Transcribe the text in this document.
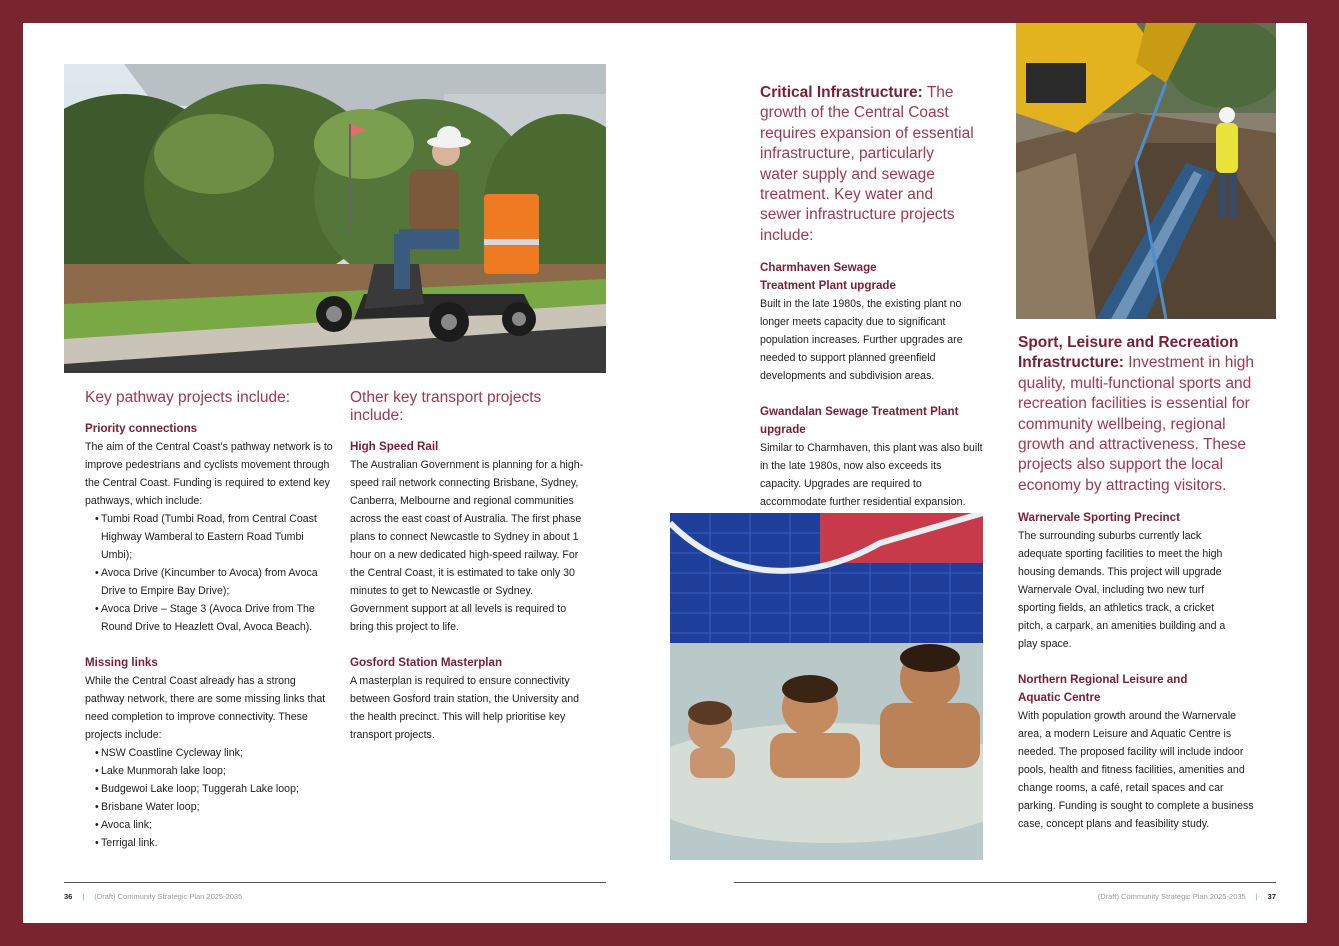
Key pathway projects include:

Priority connections

The aim of the Central Coast’s pathway network is to improve pedestrians and cyclists movement through the Central Coast. Funding is required to extend key pathways, which include:

• Tumbi Road (Tumbi Road, from Central Coast Highway Wamberal to Eastern Road Tumbi Umbi);
• Avoca Drive (Kincumber to Avoca) from Avoca Drive to Empire Bay Drive);
• Avoca Drive – Stage 3 (Avoca Drive from The Round Drive to Heazlett Oval, Avoca Beach).
Missing links

While the Central Coast already has a strong pathway network, there are some missing links that need completion to improve connectivity. These projects include:

• NSW Coastline Cycleway link;
• Lake Munmorah lake loop;
• Budgewoi Lake loop; Tuggerah Lake loop;
• Brisbane Water loop;
• Avoca link;
• Terrigal link.

Other key transport projects include:

High Speed Rail

The Australian Government is planning for a high-speed rail network connecting Brisbane, Sydney, Canberra, Melbourne and regional communities across the east coast of Australia. The first phase plans to connect Newcastle to Sydney in about 1 hour on a new dedicated high-speed railway. For the Central Coast, it is estimated to take only 30 minutes to get to Newcastle or Sydney. Government support at all levels is required to bring this project to life.

Gosford Station Masterplan

A masterplan is required to ensure connectivity between Gosford train station, the University and the health precinct. This will help prioritise key transport projects.

36 | (Draft) Community Strategic Plan 2025-2035

Critical Infrastructure: The growth of the Central Coast requires expansion of essential infrastructure, particularly water supply and sewage treatment. Key water and sewer infrastructure projects include:

Charmhaven Sewage Treatment Plant upgrade

Built in the late 1980s, the existing plant no longer meets capacity due to significant population increases. Further upgrades are needed to support planned greenfield developments and subdivision areas.

Gwandalan Sewage Treatment Plant upgrade

Similar to Charmhaven, this plant was also built in the late 1980s, now also exceeds its capacity. Upgrades are required to accommodate further residential expansion.

Sport, Leisure and Recreation Infrastructure: Investment in high quality, multi-functional sports and recreation facilities is essential for community wellbeing, regional growth and attractiveness. These projects also support the local economy by attracting visitors.

Warnervale Sporting Precinct

The surrounding suburbs currently lack adequate sporting facilities to meet the high housing demands. This project will upgrade Warnervale Oval, including two new turf sporting fields, an athletics track, a cricket pitch, a carpark, an amenities building and a play space.

Northern Regional Leisure and Aquatic Centre

With population growth around the Warnervale area, a modern Leisure and Aquatic Centre is needed. The proposed facility will include indoor pools, health and fitness facilities, amenities and change rooms, a café, retail spaces and car parking. Funding is sought to complete a business case, concept plans and feasibility study.

(Draft) Community Strategic Plan 2025-2035 | 37
